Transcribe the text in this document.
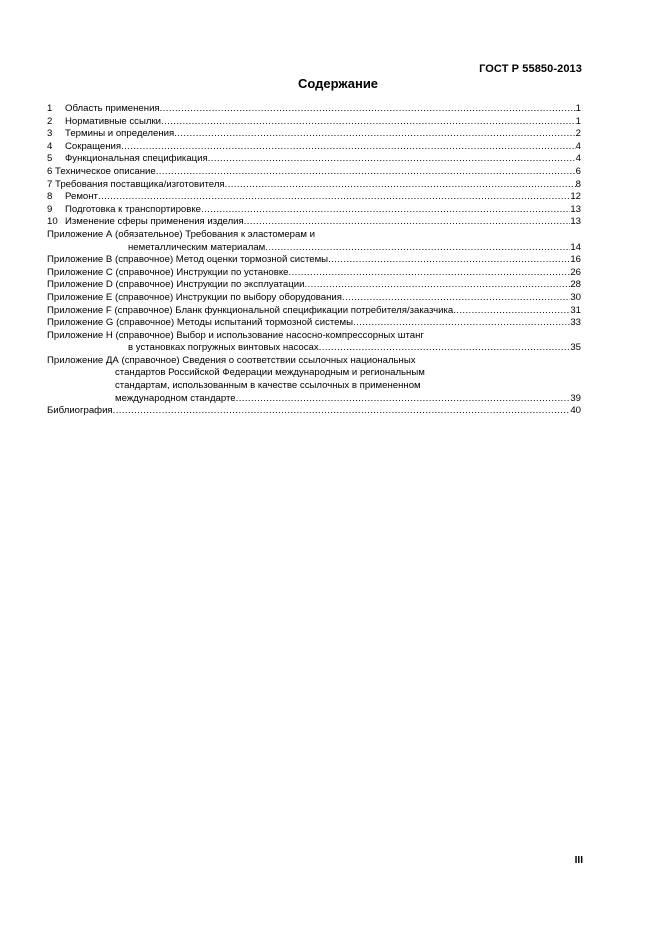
ГОСТ Р 55850-2013
Содержание
1	Область применения .....	1
2	Нормативные ссылки .....	1
3	Термины и определения .....	2
4	Сокращения .....	4
5	Функциональная спецификация .....	4
6 Техническое описание .....	6
7 Требования поставщика/изготовителя .....	8
8	Ремонт .....	12
9	Подготовка к транспортировке .....	13
10 Изменение сферы применения изделия .....	13
Приложение А (обязательное) Требования к эластомерам и
неметаллическим материалам .....	14
Приложение В (справочное) Метод оценки тормозной системы .....	16
Приложение С (справочное) Инструкции по установке .....	26
Приложение D (справочное) Инструкции по эксплуатации .....	28
Приложение Е (справочное) Инструкции по выбору оборудования .....	30
Приложение F (справочное) Бланк функциональной спецификации потребителя/заказчика .....	31
Приложение G (справочное) Методы испытаний тормозной системы .....	33
Приложение Н (справочное) Выбор и использование насосно-компрессорных штанг
в установках погружных винтовых насосах .....	35
Приложение ДА (справочное) Сведения о соответствии ссылочных национальных
стандартов Российской Федерации международным и региональным
стандартам, использованным в качестве ссылочных в примененном
международном стандарте .....	39
Библиография .....	40
III
